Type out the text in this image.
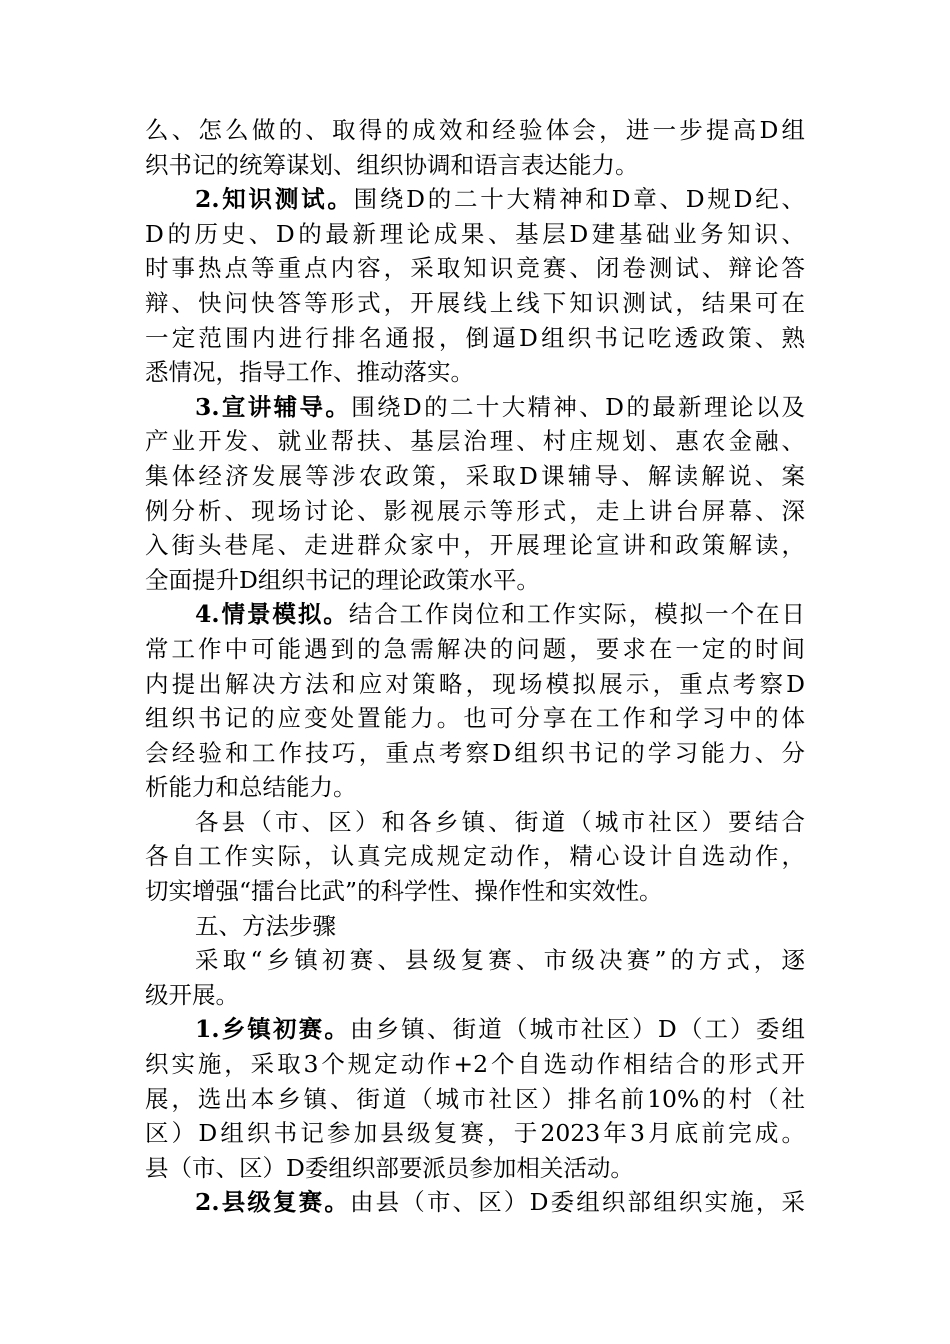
么、怎么做的、取得的成效和经验体会，进一步提高D组
织书记的统筹谋划、组织协调和语言表达能力。
2.知识测试。围绕D的二十大精神和D章、D规D纪、
D的历史、D的最新理论成果、基层D建基础业务知识、
时事热点等重点内容，采取知识竞赛、闭卷测试、辩论答
辩、快问快答等形式，开展线上线下知识测试，结果可在
一定范围内进行排名通报，倒逼D组织书记吃透政策、熟
悉情况，指导工作、推动落实。
3.宣讲辅导。围绕D的二十大精神、D的最新理论以及
产业开发、就业帮扶、基层治理、村庄规划、惠农金融、
集体经济发展等涉农政策，采取D课辅导、解读解说、案
例分析、现场讨论、影视展示等形式，走上讲台屏幕、深
入街头巷尾、走进群众家中，开展理论宣讲和政策解读，
全面提升D组织书记的理论政策水平。
4.情景模拟。结合工作岗位和工作实际，模拟一个在日
常工作中可能遇到的急需解决的问题，要求在一定的时间
内提出解决方法和应对策略，现场模拟展示，重点考察D
组织书记的应变处置能力。也可分享在工作和学习中的体
会经验和工作技巧，重点考察D组织书记的学习能力、分
析能力和总结能力。
各县（市、区）和各乡镇、街道（城市社区）要结合
各自工作实际，认真完成规定动作，精心设计自选动作，
切实增强“擂台比武”的科学性、操作性和实效性。
五、方法步骤
采取“乡镇初赛、县级复赛、市级决赛”的方式，逐
级开展。
1.乡镇初赛。由乡镇、街道（城市社区）D（工）委组
织实施，采取3个规定动作+2个自选动作相结合的形式开
展，选出本乡镇、街道（城市社区）排名前10%的村（社
区）D组织书记参加县级复赛，于2023年3月底前完成。
县（市、区）D委组织部要派员参加相关活动。
2.县级复赛。由县（市、区）D委组织部组织实施，采
